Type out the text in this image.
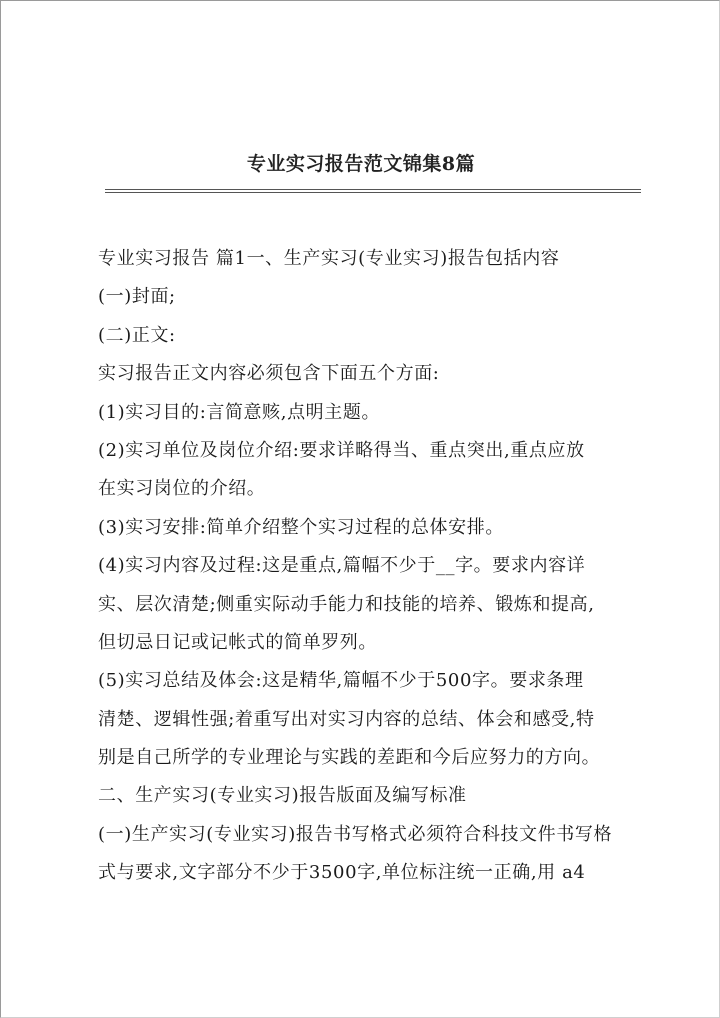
专业实习报告范文锦集8篇
专业实习报告 篇1一、生产实习(专业实习)报告包括内容
(一)封面;
(二)正文:
实习报告正文内容必须包含下面五个方面:
(1)实习目的:言简意赅,点明主题。
(2)实习单位及岗位介绍:要求详略得当、重点突出,重点应放
在实习岗位的介绍。
(3)实习安排:简单介绍整个实习过程的总体安排。
(4)实习内容及过程:这是重点,篇幅不少于__字。要求内容详
实、层次清楚;侧重实际动手能力和技能的培养、锻炼和提高,
但切忌日记或记帐式的简单罗列。
(5)实习总结及体会:这是精华,篇幅不少于500字。要求条理
清楚、逻辑性强;着重写出对实习内容的总结、体会和感受,特
别是自己所学的专业理论与实践的差距和今后应努力的方向。
二、生产实习(专业实习)报告版面及编写标准
(一)生产实习(专业实习)报告书写格式必须符合科技文件书写格
式与要求,文字部分不少于3500字,单位标注统一正确,用 a4
